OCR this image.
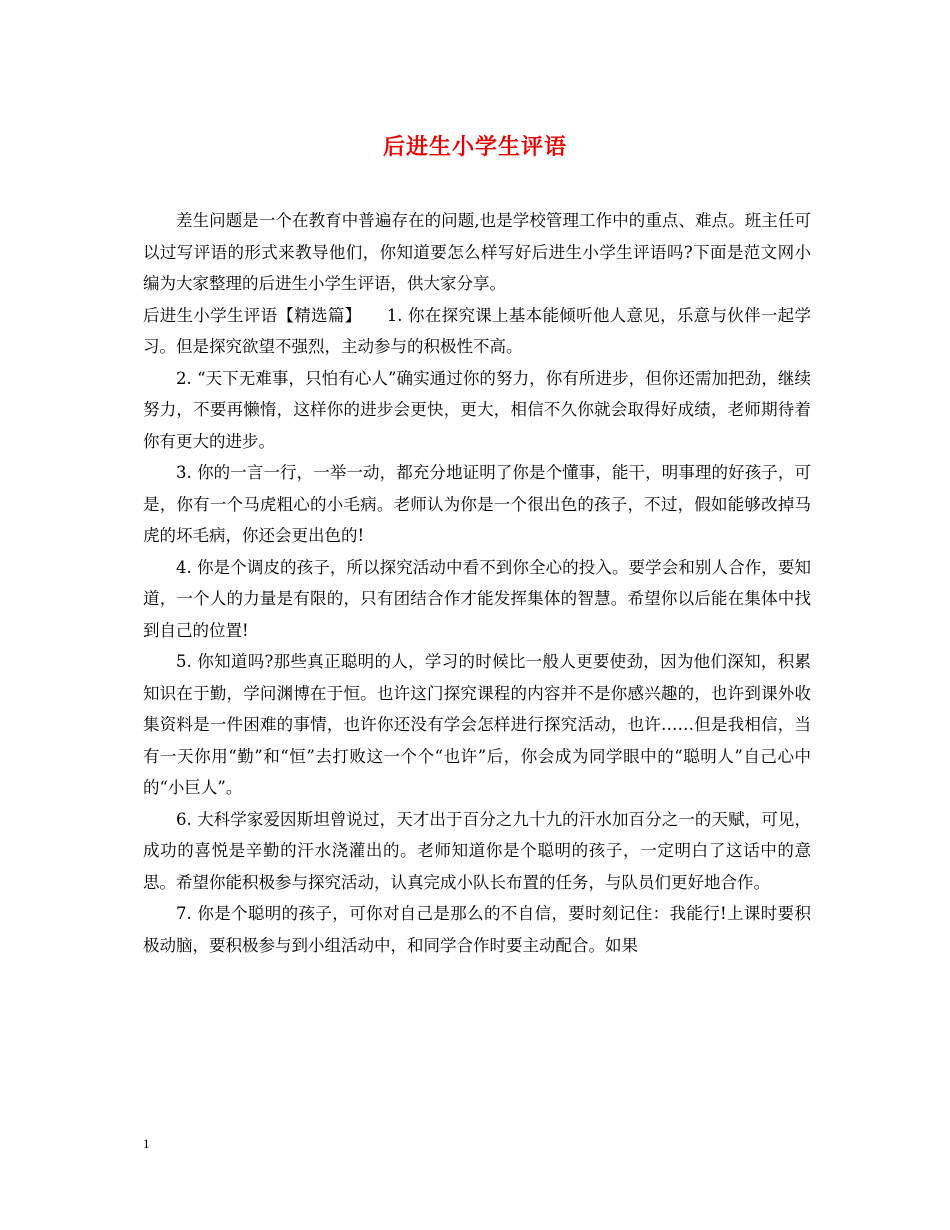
后进生小学生评语

差生问题是一个在教育中普遍存在的问题,也是学校管理工作中的重点、难点。班主任可以过写评语的形式来教导他们，你知道要怎么样写好后进生小学生评语吗?下面是范文网小编为大家整理的后进生小学生评语，供大家分享。

后进生小学生评语【精选篇】　　1. 你在探究课上基本能倾听他人意见，乐意与伙伴一起学习。但是探究欲望不强烈，主动参与的积极性不高。

2. “天下无难事，只怕有心人”确实通过你的努力，你有所进步，但你还需加把劲，继续努力，不要再懒惰，这样你的进步会更快，更大，相信不久你就会取得好成绩，老师期待着你有更大的进步。

3. 你的一言一行，一举一动，都充分地证明了你是个懂事，能干，明事理的好孩子，可是，你有一个马虎粗心的小毛病。老师认为你是一个很出色的孩子，不过，假如能够改掉马虎的坏毛病，你还会更出色的!

4. 你是个调皮的孩子，所以探究活动中看不到你全心的投入。要学会和别人合作，要知道，一个人的力量是有限的，只有团结合作才能发挥集体的智慧。希望你以后能在集体中找到自己的位置!

5. 你知道吗?那些真正聪明的人，学习的时候比一般人更要使劲，因为他们深知，积累知识在于勤，学问渊博在于恒。也许这门探究课程的内容并不是你感兴趣的，也许到课外收集资料是一件困难的事情，也许你还没有学会怎样进行探究活动，也许……但是我相信，当有一天你用“勤”和“恒”去打败这一个个“也许”后，你会成为同学眼中的“聪明人”自己心中的“小巨人”。

6. 大科学家爱因斯坦曾说过，天才出于百分之九十九的汗水加百分之一的天赋，可见，成功的喜悦是辛勤的汗水浇灌出的。老师知道你是个聪明的孩子，一定明白了这话中的意思。希望你能积极参与探究活动，认真完成小队长布置的任务，与队员们更好地合作。

7. 你是个聪明的孩子，可你对自己是那么的不自信，要时刻记住：我能行!上课时要积极动脑，要积极参与到小组活动中，和同学合作时要主动配合。如果

1
